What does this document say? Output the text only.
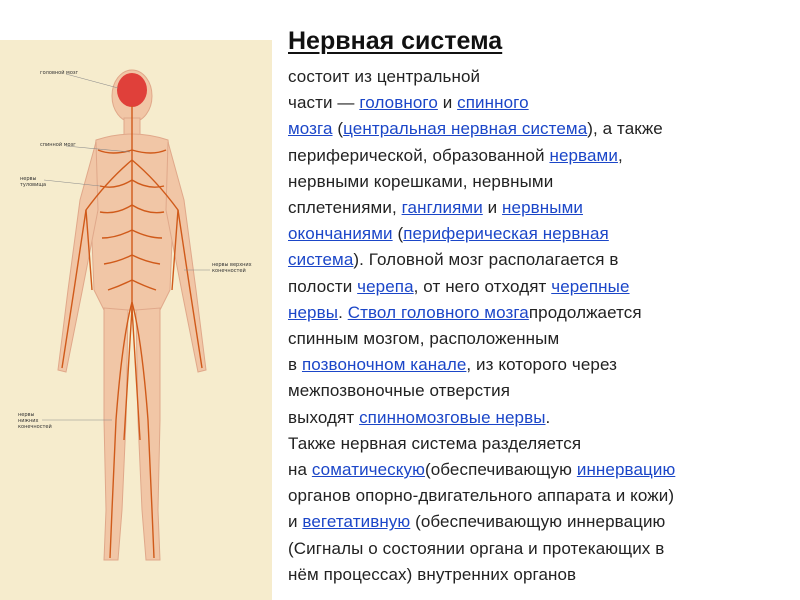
головной мозг
спинной мозг
нервы туловища
нервы верхних конечностей
нервы нижних конечностей
Нервная система
состоит из центральной
части — головного и спинного
мозга (центральная нервная система), а также
периферической, образованной нервами,
нервными корешками, нервными
сплетениями, ганглиями и нервными
окончаниями (периферическая нервная
система). Головной мозг располагается в
полости черепа, от него отходят черепные
нервы. Ствол головного мозгапродолжается
спинным мозгом, расположенным
в позвоночном канале, из которого через
межпозвоночные отверстия
выходят спинномозговые нервы.
Также нервная система разделяется
на соматическую(обеспечивающую иннервацию
органов опорно-двигательного аппарата и кожи)
и вегетативную (обеспечивающую иннервацию
(Сигналы о состоянии органа и протекающих в
нём процессах) внутренних органов
